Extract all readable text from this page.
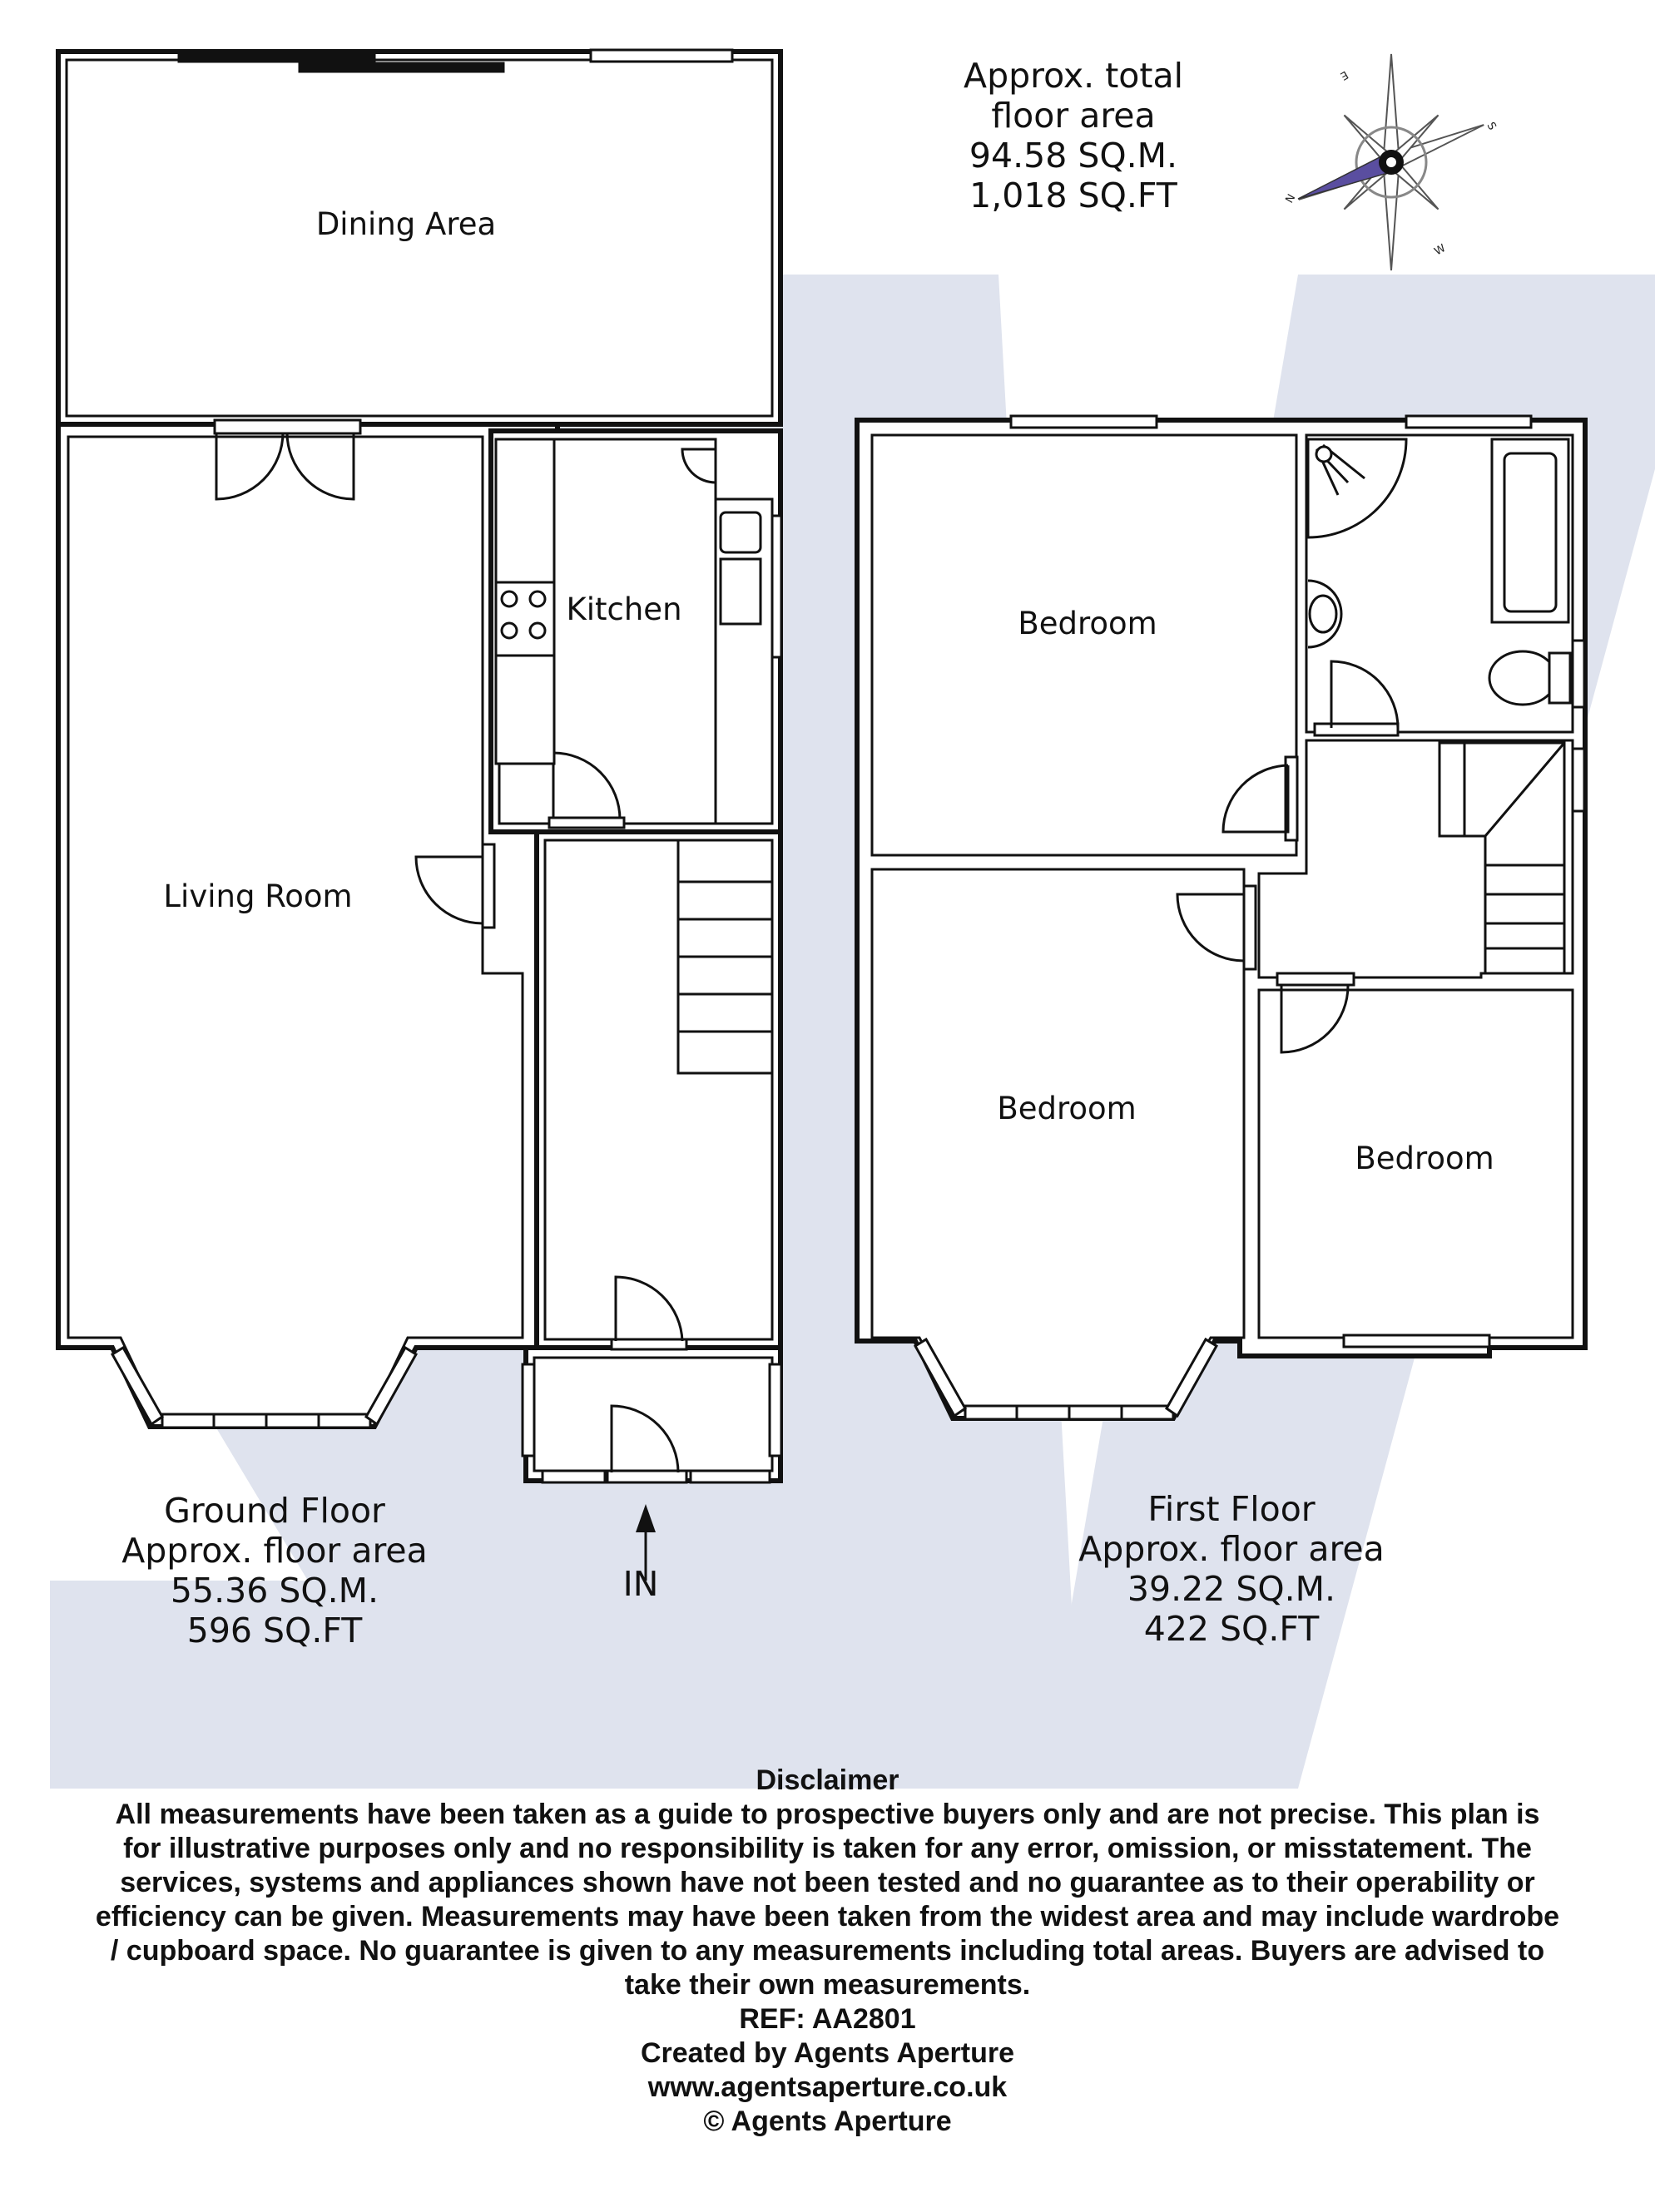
Dining Area
Kitchen
Living Room
Bedroom
Bedroom
Bedroom
IN
Approx. total
floor area
94.58 SQ.M.
1,018 SQ.FT
Ground Floor
Approx. floor area
55.36 SQ.M.
596 SQ.FT
First Floor
Approx. floor area
39.22 SQ.M.
422 SQ.FT
N
S
E
W
Disclaimer
All measurements have been taken as a guide to prospective buyers only and are not precise. This plan is
for illustrative purposes only and no responsibility is taken for any error, omission, or misstatement. The
services, systems and appliances shown have not been tested and no guarantee as to their operability or
efficiency can be given. Measurements may have been taken from the widest area and may include wardrobe
/ cupboard space. No guarantee is given to any measurements including total areas. Buyers are advised to
take their own measurements.
REF: AA2801
Created by Agents Aperture
www.agentsaperture.co.uk
© Agents Aperture
